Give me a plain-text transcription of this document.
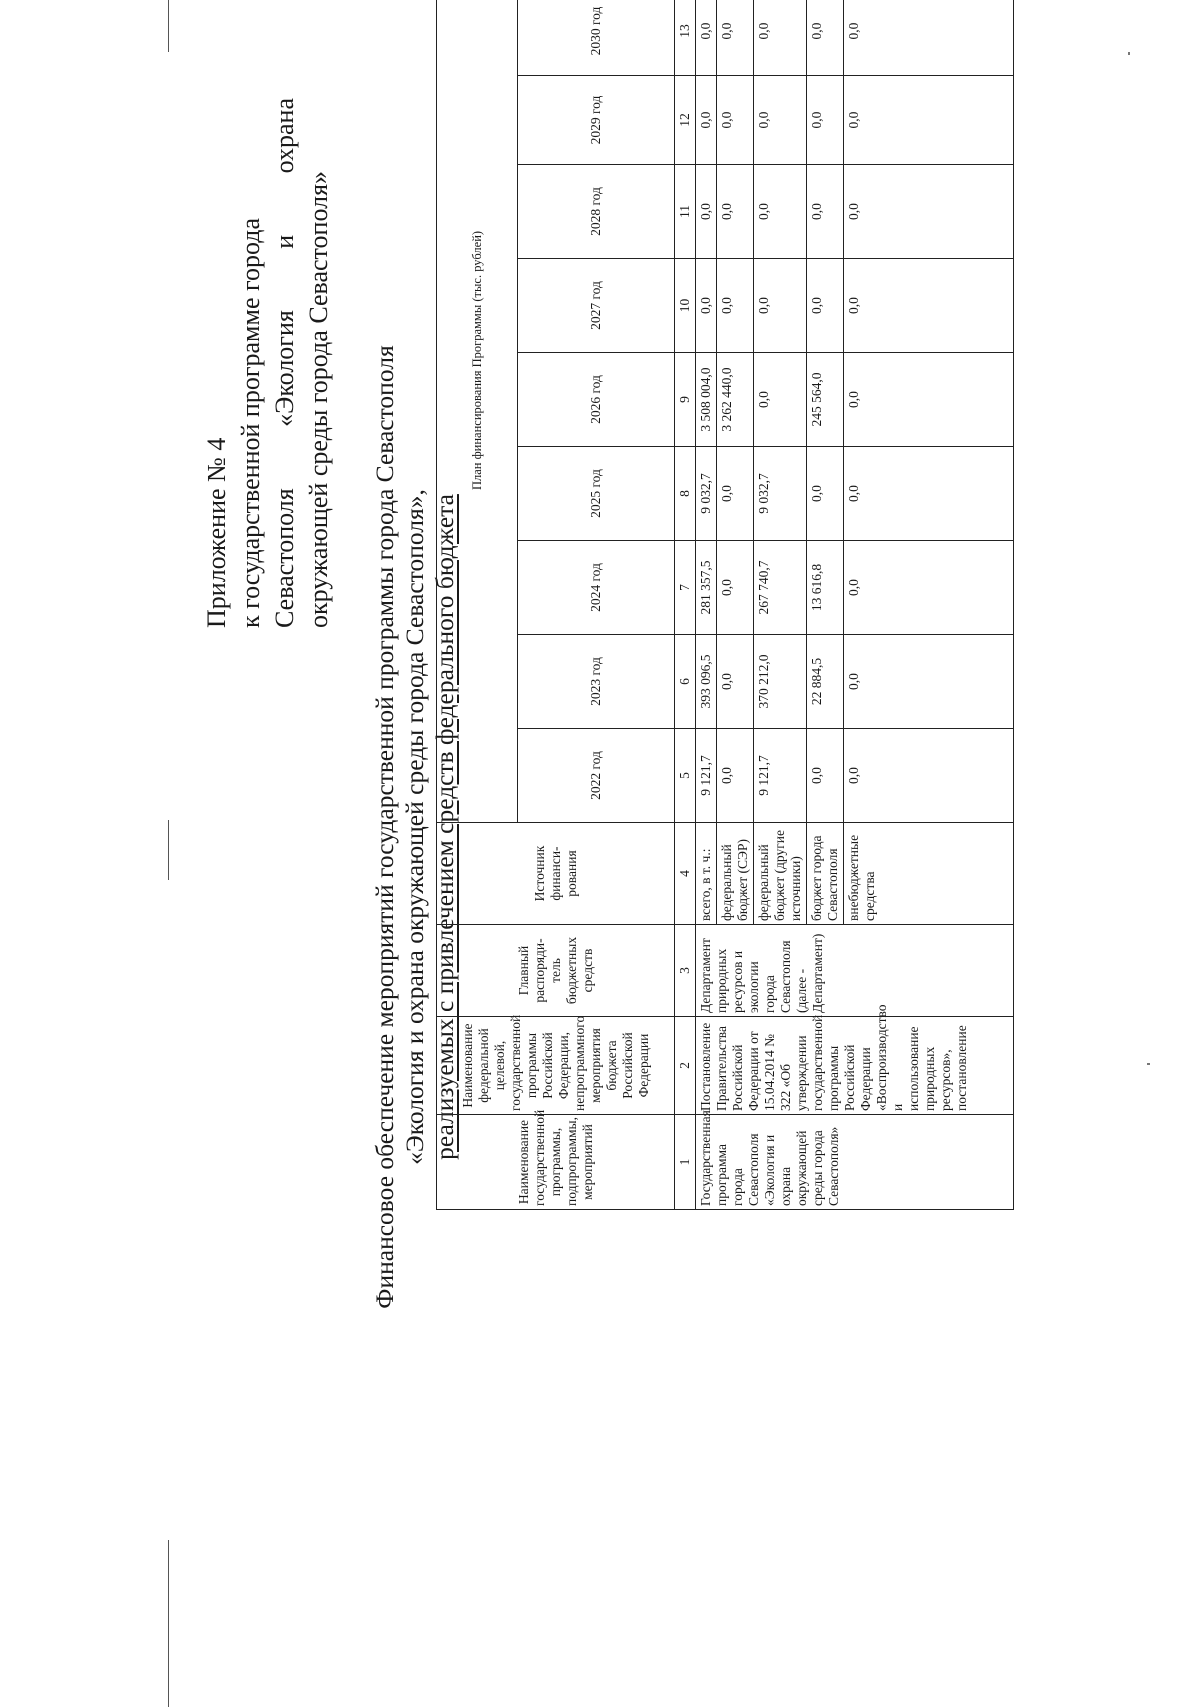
Приложение № 4 к государственной программе города Севастополя «Экология и охрана окружающей среды города Севастополя» Финансовое обеспечение мероприятий государственной программы города Севастополя «Экология и охрана окружающей среды города Севастополя», реализуемых с привлечением средств федерального бюджета
Наименование государственной программы, подпрограммы, мероприятий	Наименование федеральной целевой, государственной программы Российской Федерации, непрограммного мероприятия бюджета Российской Федерации	Главный распоряди-тель бюджетных средств	Источник финанси-рования	План финансирования Программы (тыс. рублей)									
				2022 год	2023 год	2024 год	2025 год	2026 год	2027 год	2028 год	2029 год	2030 год	
1	2	3	4	5	6	7	8	9	10	11	12	13	
Государственная программа города Севастополя «Экология и охрана окружающей среды города Севастополя»	Постановление Правительства Российской Федерации от 15.04.2014 № 322 «Об утверждении государственной программы Российской Федерации «Воспроизводство и использование природных ресурсов», постановление	Департамент природных ресурсов и экологии города Севастополя (далее - Департамент)	всего, в т. ч.:	9 121,7	393 096,5	281 357,5	9 032,7	3 508 004,0	0,0	0,0	0,0	0,0	
			федеральный бюджет (СЭР)	0,0	0,0	0,0	0,0	3 262 440,0	0,0	0,0	0,0	0,0	
			федеральный бюджет (другие источники)	9 121,7	370 212,0	267 740,7	9 032,7	0,0	0,0	0,0	0,0	0,0	
			бюджет города Севастополя	0,0	22 884,5	13 616,8	0,0	245 564,0	0,0	0,0	0,0	0,0	
			внебюджетные средства	0,0	0,0	0,0	0,0	0,0	0,0	0,0	0,0	0,0	
